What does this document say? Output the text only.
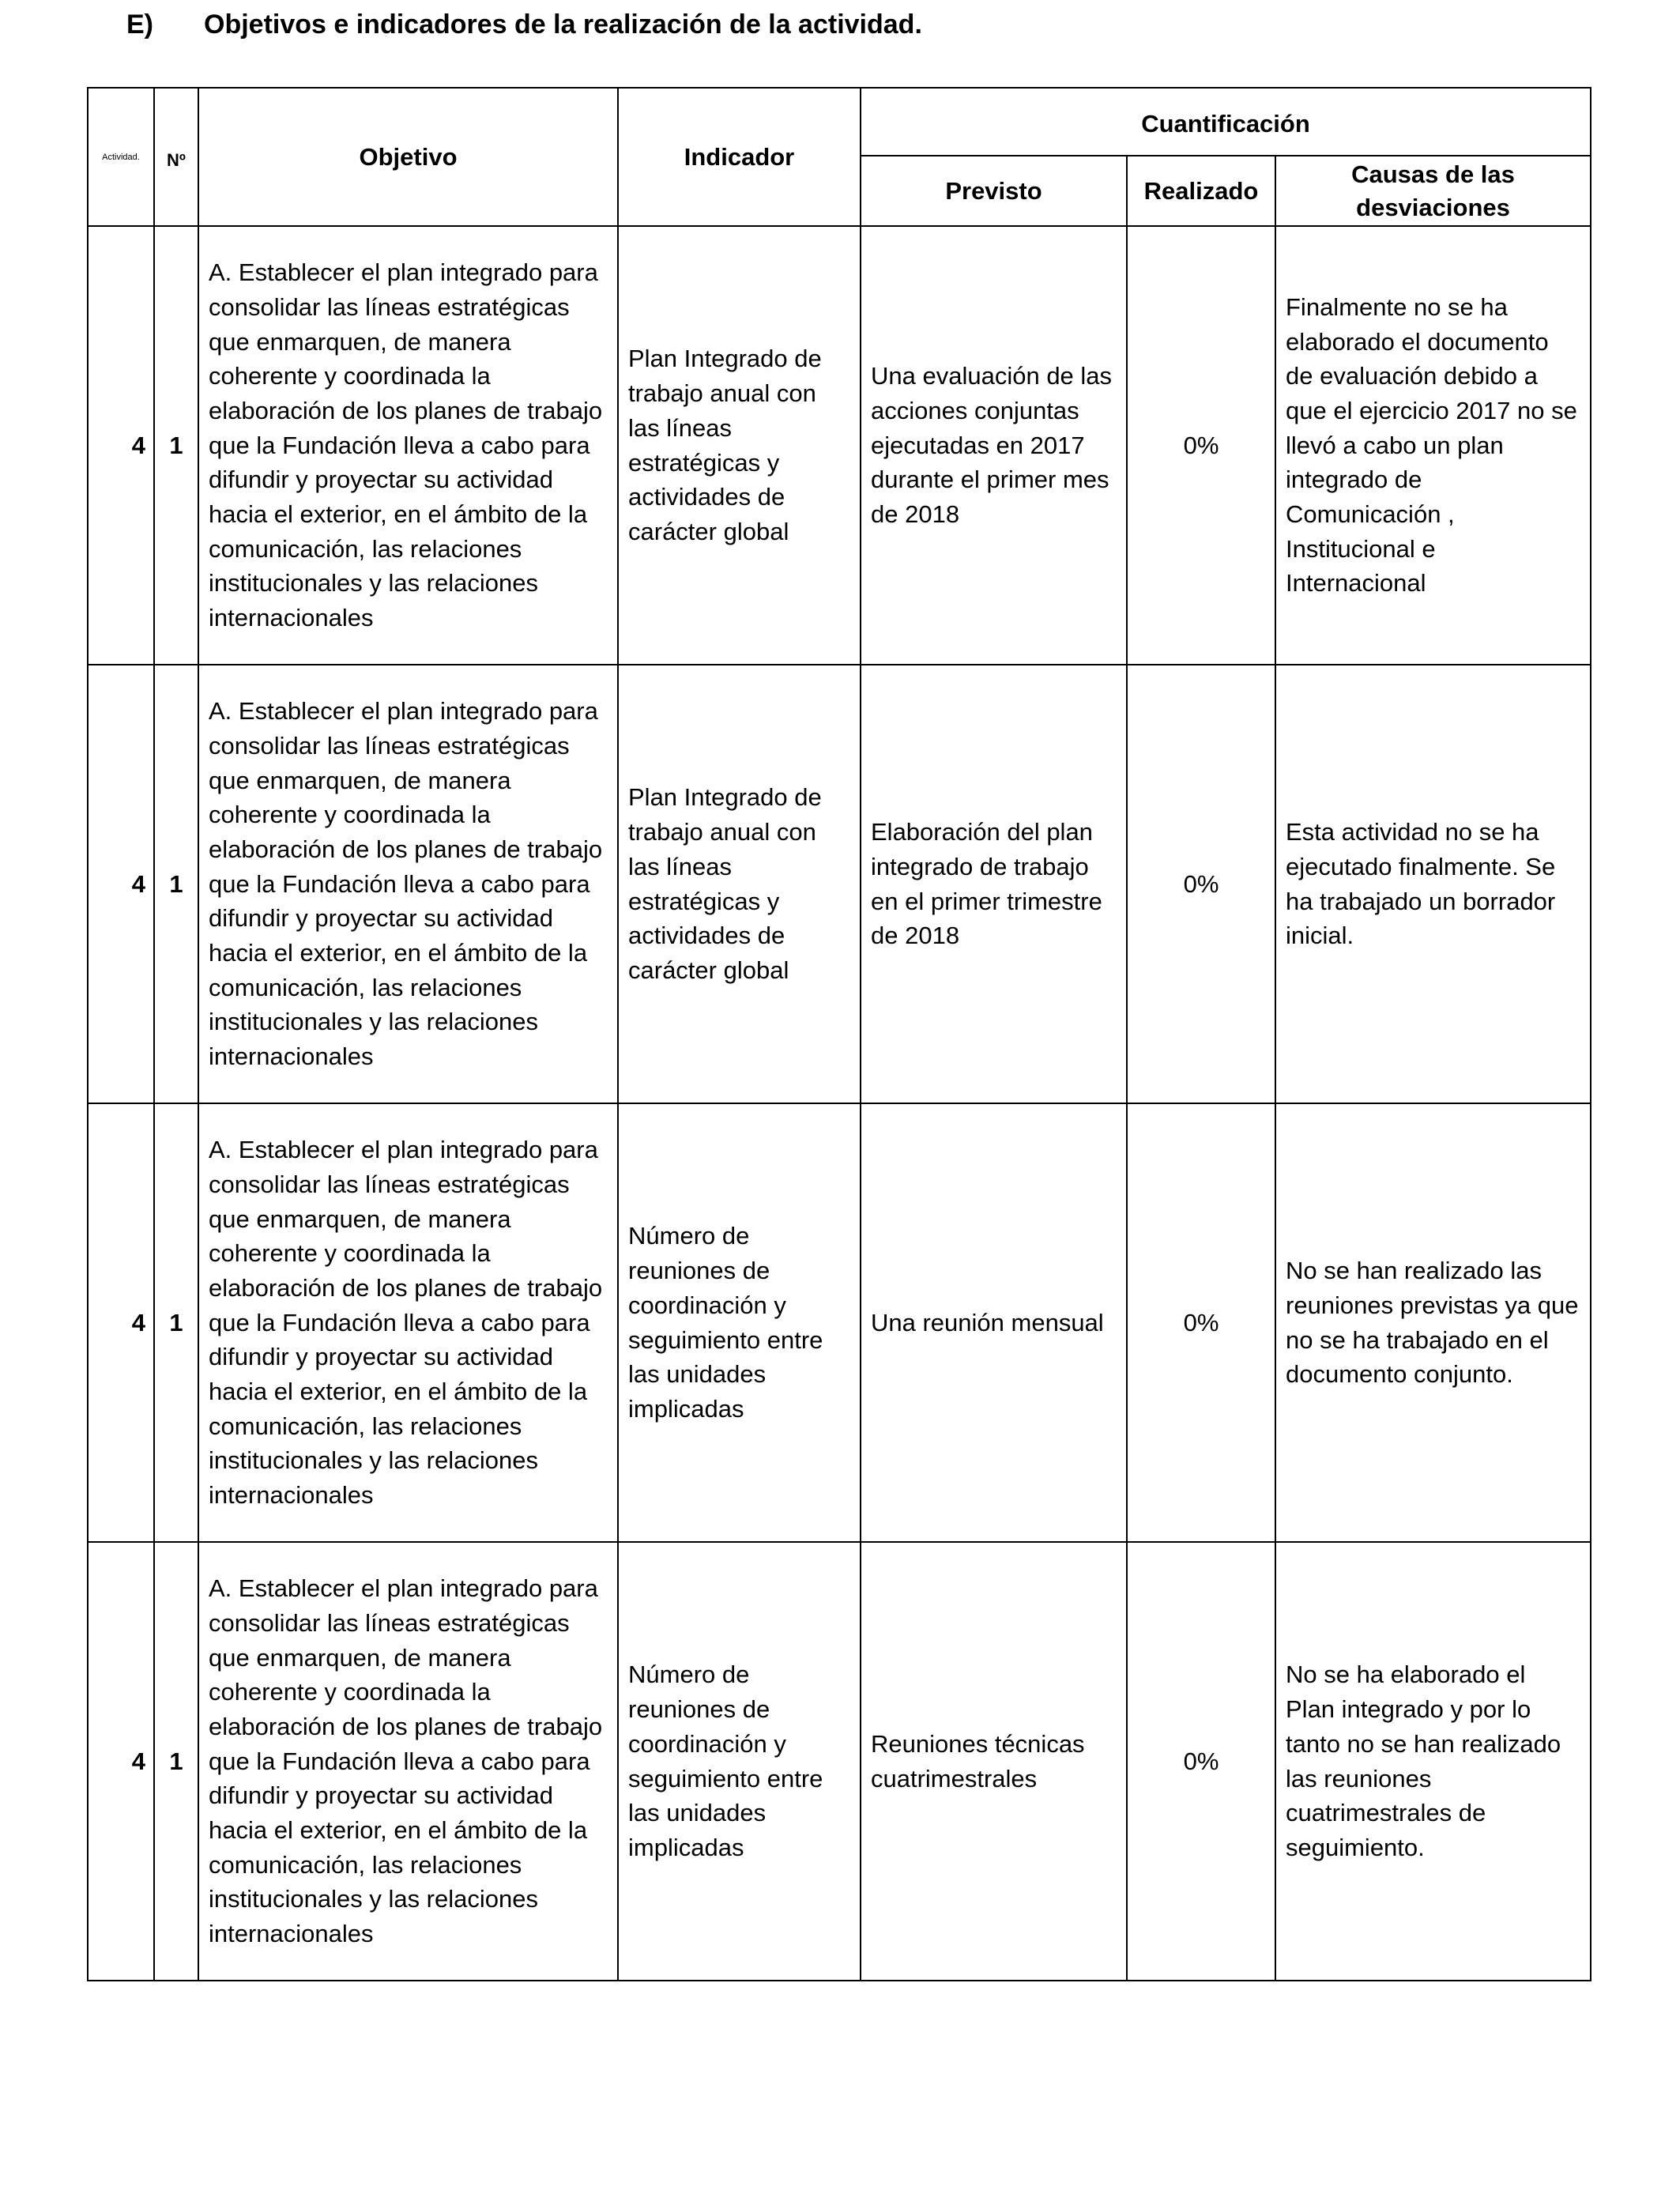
E) Objetivos e indicadores de la realización de la actividad.
Actividad.	Nº	Objetivo	Indicador	Cuantificación		
				Previsto	Realizado	Causas de las desviaciones
4	1	A. Establecer el plan integrado para consolidar las líneas estratégicas que enmarquen, de manera coherente y coordinada la elaboración de los planes de trabajo que la Fundación lleva a cabo para difundir y proyectar su actividad hacia el exterior, en el ámbito de la comunicación, las relaciones institucionales y las relaciones internacionales	Plan Integrado de trabajo anual con las líneas estratégicas y actividades de carácter global	Una evaluación de las acciones conjuntas ejecutadas en 2017 durante el primer mes de 2018	0%	Finalmente no se ha elaborado el documento de evaluación debido a que el ejercicio 2017 no se llevó a cabo un plan integrado de Comunicación , Institucional e Internacional
4	1	A. Establecer el plan integrado para consolidar las líneas estratégicas que enmarquen, de manera coherente y coordinada la elaboración de los planes de trabajo que la Fundación lleva a cabo para difundir y proyectar su actividad hacia el exterior, en el ámbito de la comunicación, las relaciones institucionales y las relaciones internacionales	Plan Integrado de trabajo anual con las líneas estratégicas y actividades de carácter global	Elaboración del plan integrado de trabajo en el primer trimestre de 2018	0%	Esta actividad no se ha ejecutado finalmente. Se ha trabajado un borrador inicial.
4	1	A. Establecer el plan integrado para consolidar las líneas estratégicas que enmarquen, de manera coherente y coordinada la elaboración de los planes de trabajo que la Fundación lleva a cabo para difundir y proyectar su actividad hacia el exterior, en el ámbito de la comunicación, las relaciones institucionales y las relaciones internacionales	Número de reuniones de coordinación y seguimiento entre las unidades implicadas	Una reunión mensual	0%	No se han realizado las reuniones previstas ya que no se ha trabajado en el documento conjunto.
4	1	A. Establecer el plan integrado para consolidar las líneas estratégicas que enmarquen, de manera coherente y coordinada la elaboración de los planes de trabajo que la Fundación lleva a cabo para difundir y proyectar su actividad hacia el exterior, en el ámbito de la comunicación, las relaciones institucionales y las relaciones internacionales	Número de reuniones de coordinación y seguimiento entre las unidades implicadas	Reuniones técnicas cuatrimestrales	0%	No se ha elaborado el Plan integrado y por lo tanto no se han realizado las reuniones cuatrimestrales de seguimiento.
